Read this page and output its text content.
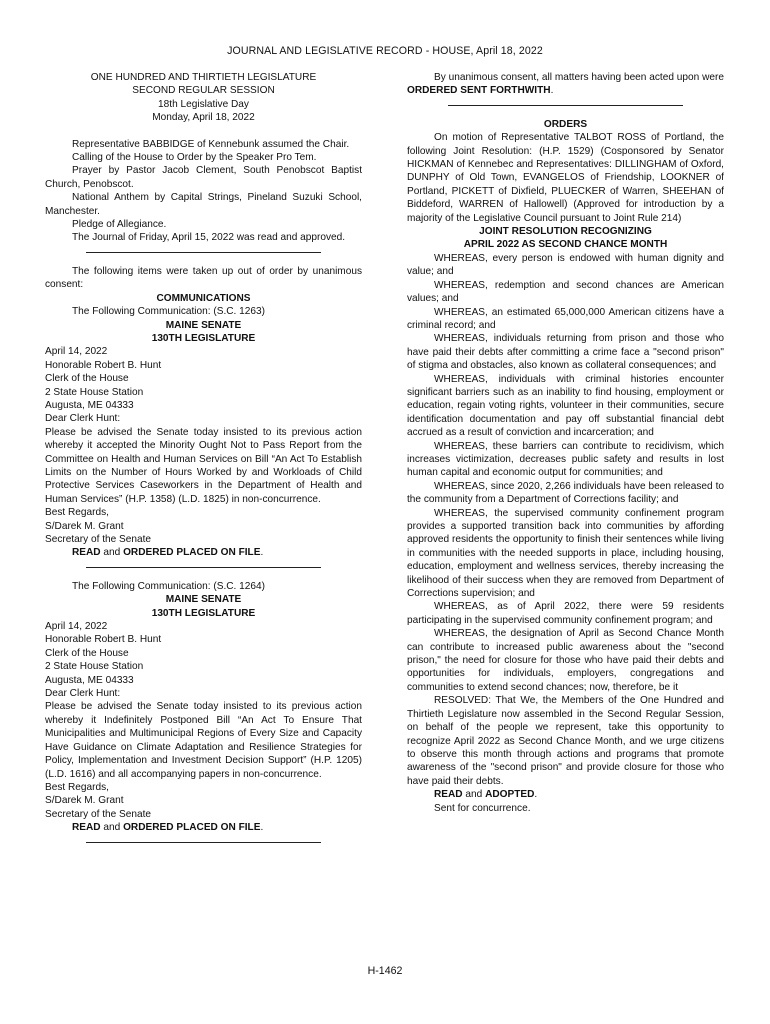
JOURNAL AND LEGISLATIVE RECORD - HOUSE, April 18, 2022
ONE HUNDRED AND THIRTIETH LEGISLATURE
SECOND REGULAR SESSION
18th Legislative Day
Monday, April 18, 2022

Representative BABBIDGE of Kennebunk assumed the Chair.

Calling of the House to Order by the Speaker Pro Tem.

Prayer by Pastor Jacob Clement, South Penobscot Baptist Church, Penobscot.

National Anthem by Capital Strings, Pineland Suzuki School, Manchester.

Pledge of Allegiance.

The Journal of Friday, April 15, 2022 was read and approved.

The following items were taken up out of order by unanimous consent:

COMMUNICATIONS

The Following Communication: (S.C. 1263)

MAINE SENATE
130TH LEGISLATURE
April 14, 2022
Honorable Robert B. Hunt
Clerk of the House
2 State House Station
Augusta, ME 04333
Dear Clerk Hunt:

Please be advised the Senate today insisted to its previous action whereby it accepted the Minority Ought Not to Pass Report from the Committee on Health and Human Services on Bill “An Act To Establish Limits on the Number of Hours Worked by and Workloads of Child Protective Services Caseworkers in the Department of Health and Human Services” (H.P. 1358) (L.D. 1825) in non-concurrence.

Best Regards,
S/Darek M. Grant
Secretary of the Senate

READ and ORDERED PLACED ON FILE.

The Following Communication: (S.C. 1264)

MAINE SENATE
130TH LEGISLATURE
April 14, 2022
Honorable Robert B. Hunt
Clerk of the House
2 State House Station
Augusta, ME 04333
Dear Clerk Hunt:

Please be advised the Senate today insisted to its previous action whereby it Indefinitely Postponed Bill “An Act To Ensure That Municipalities and Multimunicipal Regions of Every Size and Capacity Have Guidance on Climate Adaptation and Resilience Strategies for Policy, Implementation and Investment Decision Support” (H.P. 1205) (L.D. 1616) and all accompanying papers in non-concurrence.

Best Regards,
S/Darek M. Grant
Secretary of the Senate

READ and ORDERED PLACED ON FILE.

By unanimous consent, all matters having been acted upon were ORDERED SENT FORTHWITH.

ORDERS

On motion of Representative TALBOT ROSS of Portland, the following Joint Resolution: (H.P. 1529) (Cosponsored by Senator HICKMAN of Kennebec and Representatives: DILLINGHAM of Oxford, DUNPHY of Old Town, EVANGELOS of Friendship, LOOKNER of Portland, PICKETT of Dixfield, PLUECKER of Warren, SHEEHAN of Biddeford, WARREN of Hallowell) (Approved for introduction by a majority of the Legislative Council pursuant to Joint Rule 214)

JOINT RESOLUTION RECOGNIZING
APRIL 2022 AS SECOND CHANCE MONTH

WHEREAS, every person is endowed with human dignity and value; and

WHEREAS, redemption and second chances are American values; and

WHEREAS, an estimated 65,000,000 American citizens have a criminal record; and

WHEREAS, individuals returning from prison and those who have paid their debts after committing a crime face a "second prison" of stigma and obstacles, also known as collateral consequences; and

WHEREAS, individuals with criminal histories encounter significant barriers such as an inability to find housing, employment or education, regain voting rights, volunteer in their communities, secure identification documentation and pay off substantial financial debt accrued as a result of conviction and incarceration; and

WHEREAS, these barriers can contribute to recidivism, which increases victimization, decreases public safety and results in lost human capital and economic output for communities; and

WHEREAS, since 2020, 2,266 individuals have been released to the community from a Department of Corrections facility; and

WHEREAS, the supervised community confinement program provides a supported transition back into communities by affording approved residents the opportunity to finish their sentences while living in communities with the needed supports in place, including housing, education, employment and wellness services, thereby increasing the likelihood of their success when they are removed from Department of Corrections supervision; and

WHEREAS, as of April 2022, there were 59 residents participating in the supervised community confinement program; and

WHEREAS, the designation of April as Second Chance Month can contribute to increased public awareness about the "second prison," the need for closure for those who have paid their debts and opportunities for individuals, employers, congregations and communities to extend second chances; now, therefore, be it

RESOLVED: That We, the Members of the One Hundred and Thirtieth Legislature now assembled in the Second Regular Session, on behalf of the people we represent, take this opportunity to recognize April 2022 as Second Chance Month, and we urge citizens to observe this month through actions and programs that promote awareness of the "second prison" and provide closure for those who have paid their debts.

READ and ADOPTED.

Sent for concurrence.

H-1462
